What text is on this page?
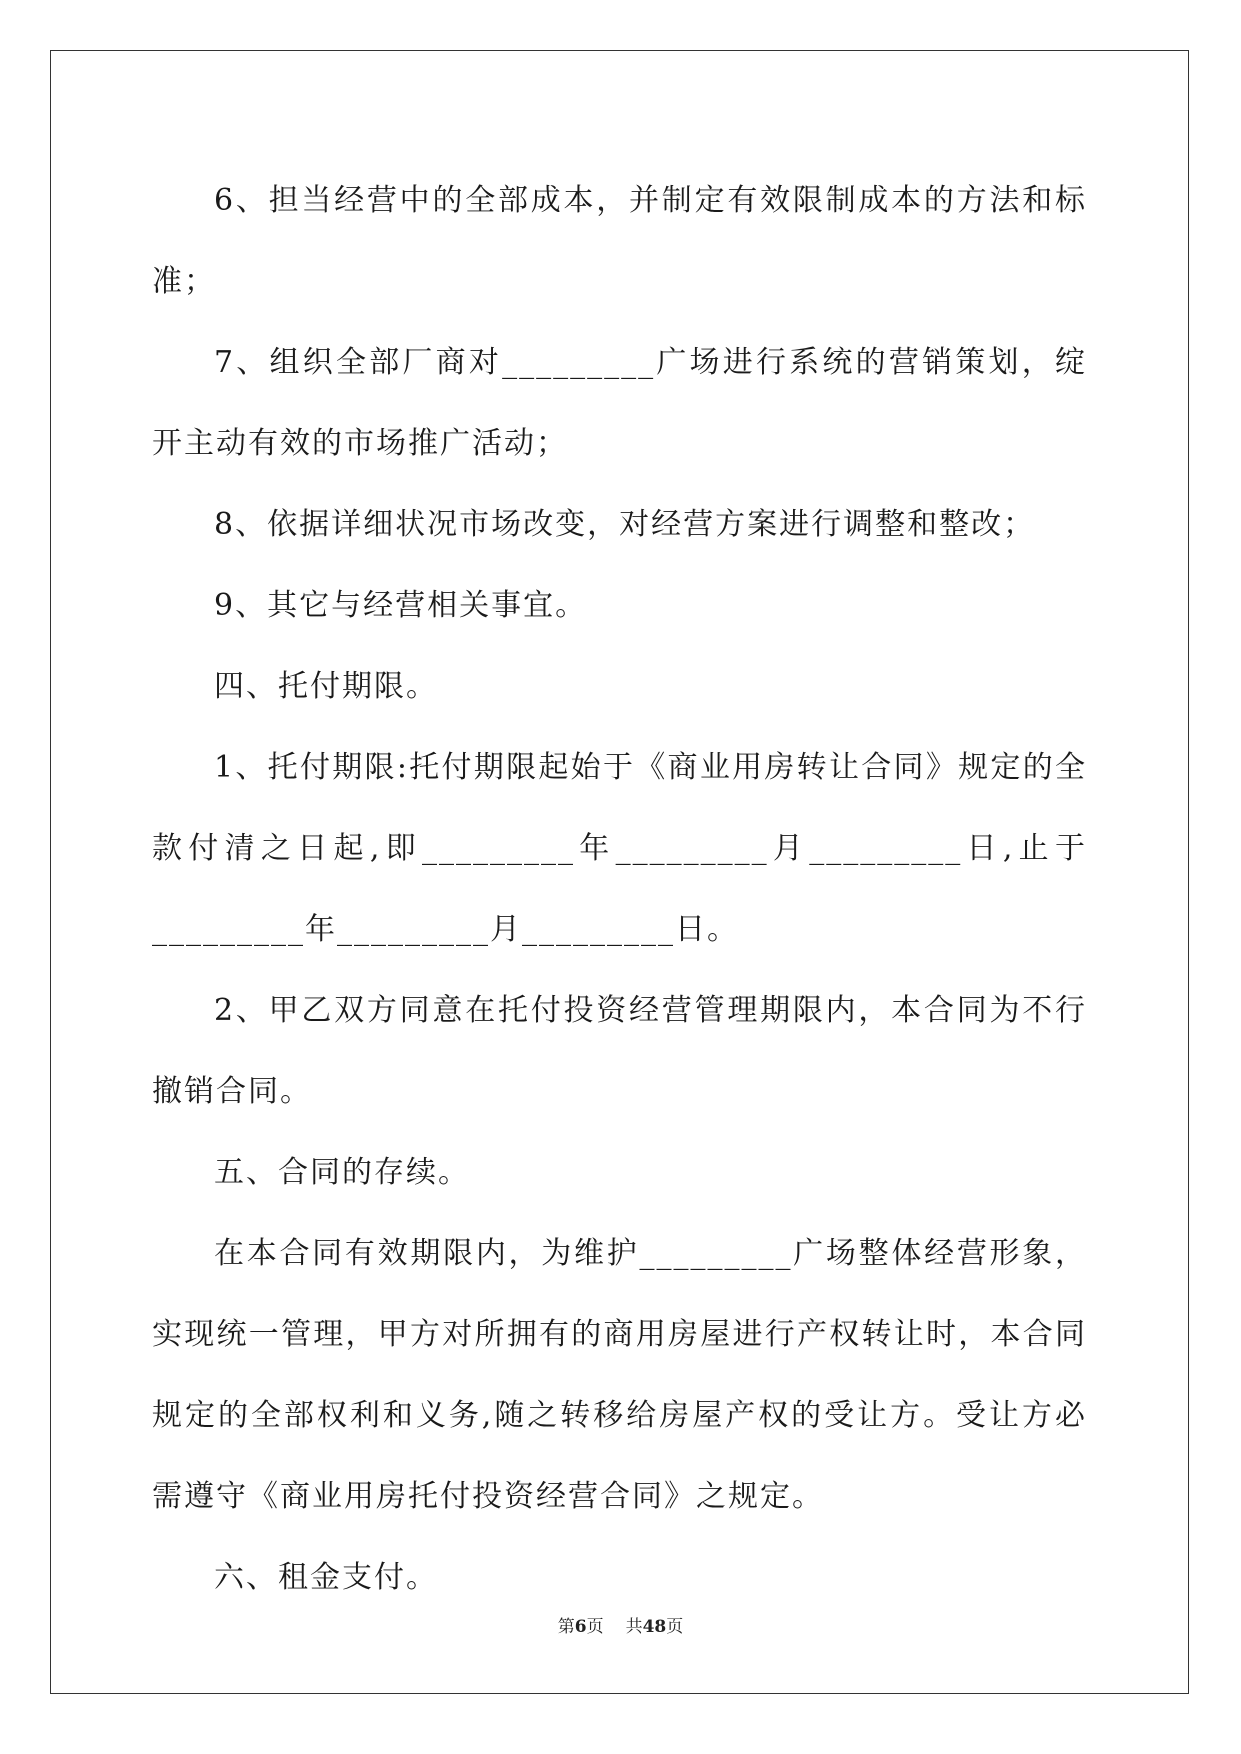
6、担当经营中的全部成本，并制定有效限制成本的方法和标准；

7、组织全部厂商对_________广场进行系统的营销策划，绽开主动有效的市场推广活动；

8、依据详细状况市场改变，对经营方案进行调整和整改；

9、其它与经营相关事宜。

四、托付期限。

1、托付期限:托付期限起始于《商业用房转让合同》规定的全款付清之日起,即_________年_________月_________日,止于_________年_________月_________日。

2、甲乙双方同意在托付投资经营管理期限内，本合同为不行撤销合同。

五、合同的存续。

在本合同有效期限内，为维护_________广场整体经营形象，实现统一管理，甲方对所拥有的商用房屋进行产权转让时，本合同规定的全部权利和义务,随之转移给房屋产权的受让方。受让方必需遵守《商业用房托付投资经营合同》之规定。

六、租金支付。

第6页 共48页
